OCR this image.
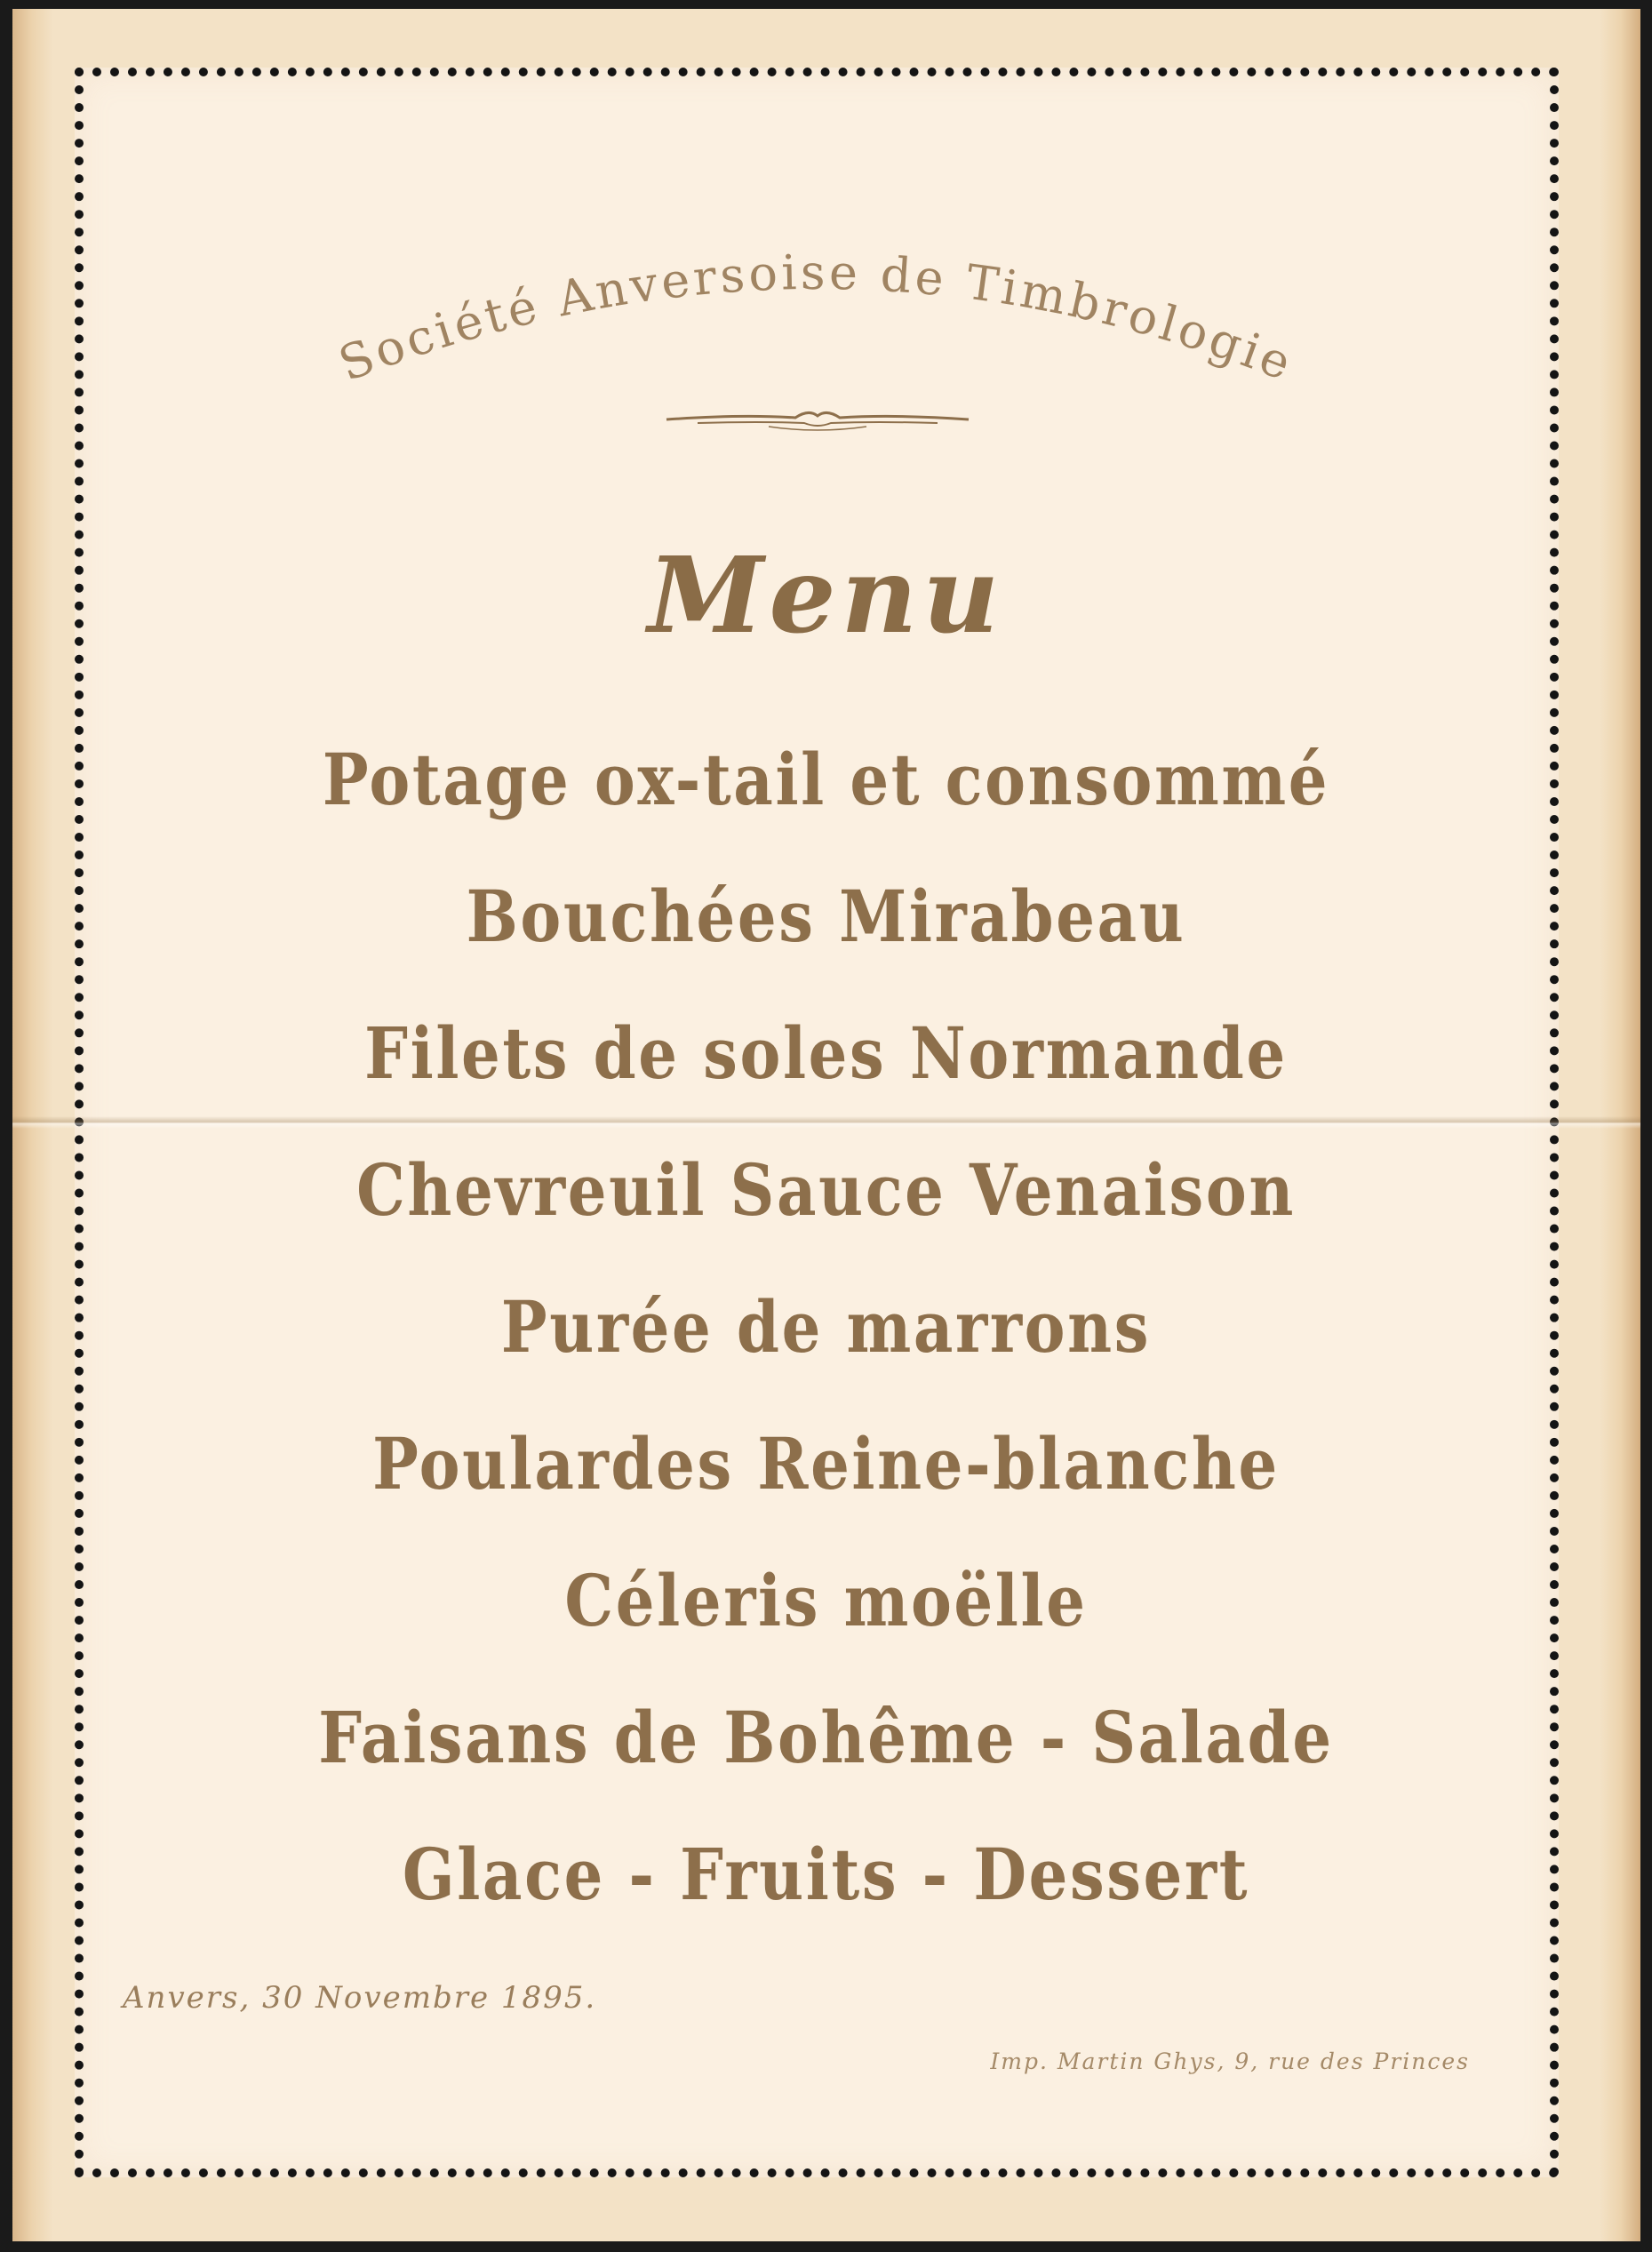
Société Anversoise de Timbrologie
Menu
Potage ox-tail et consommé
Bouchées Mirabeau
Filets de soles Normande
Chevreuil Sauce Venaison
Purée de marrons
Poulardes Reine-blanche
Céleris moëlle
Faisans de Bohême - Salade
Glace - Fruits - Dessert
Anvers, 30 Novembre 1895.
Imp. Martin Ghys, 9, rue des Princes
